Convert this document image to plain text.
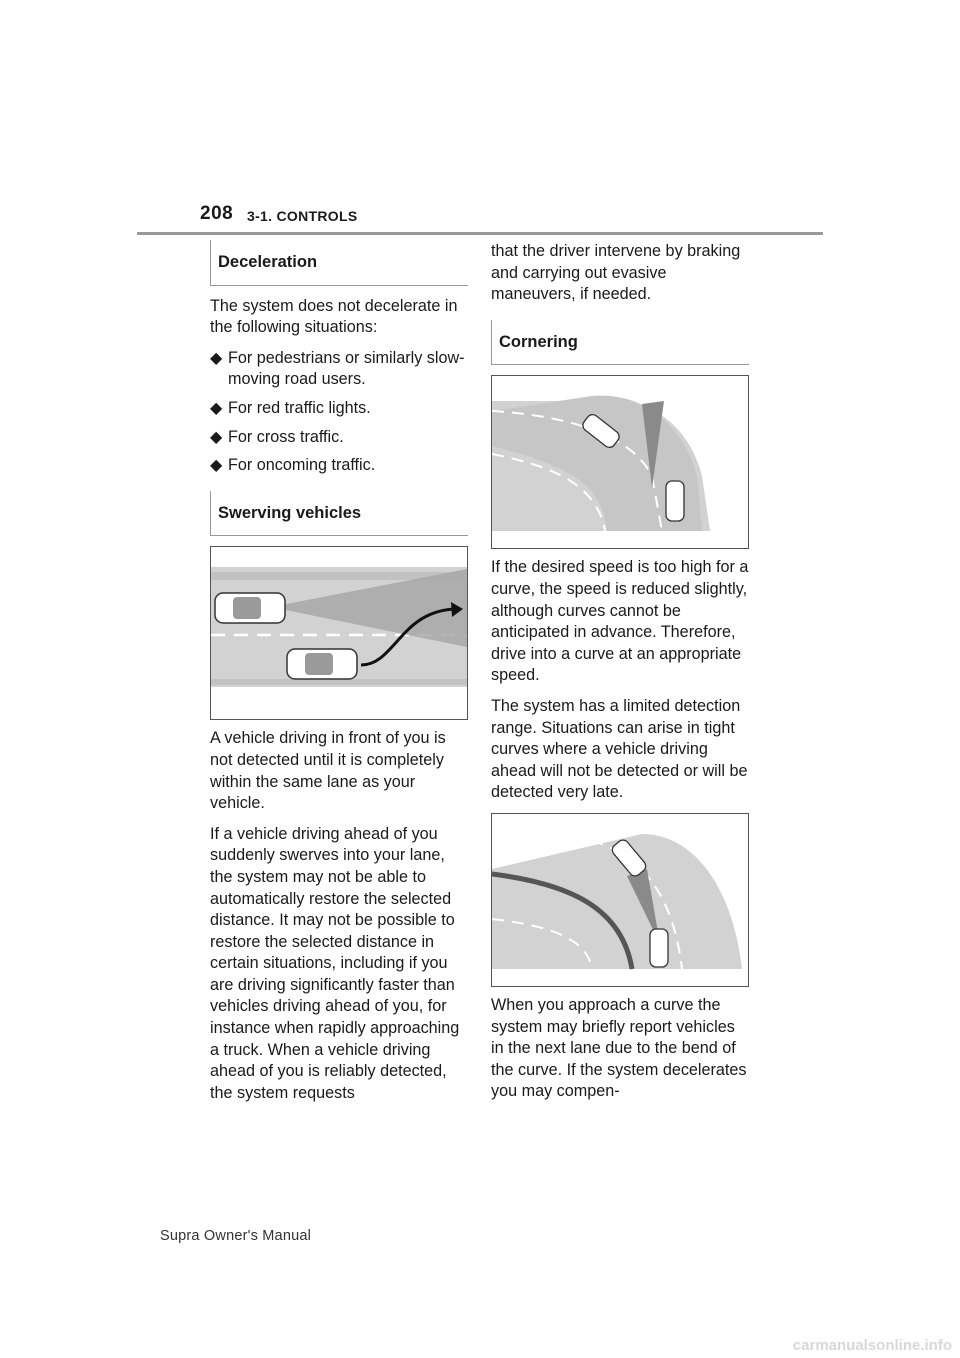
208 3-1. CONTROLS
Deceleration

The system does not decelerate in the following situations:

◆ For pedestrians or similarly slow-moving road users.
◆ For red traffic lights.
◆ For cross traffic.
◆ For oncoming traffic.
Swerving vehicles

A vehicle driving in front of you is not detected until it is completely within the same lane as your vehicle.

If a vehicle driving ahead of you suddenly swerves into your lane, the system may not be able to automatically restore the selected distance. It may not be possible to restore the selected distance in certain situations, including if you are driving significantly faster than vehicles driving ahead of you, for instance when rapidly approaching a truck. When a vehicle driving ahead of you is reliably detected, the system requests

that the driver intervene by braking and carrying out evasive maneuvers, if needed.

Cornering

If the desired speed is too high for a curve, the speed is reduced slightly, although curves cannot be anticipated in advance. Therefore, drive into a curve at an appropriate speed.

The system has a limited detection range. Situations can arise in tight curves where a vehicle driving ahead will not be detected or will be detected very late.

When you approach a curve the system may briefly report vehicles in the next lane due to the bend of the curve. If the system decelerates you may compen-

Supra Owner's Manual
carmanualsonline.info
